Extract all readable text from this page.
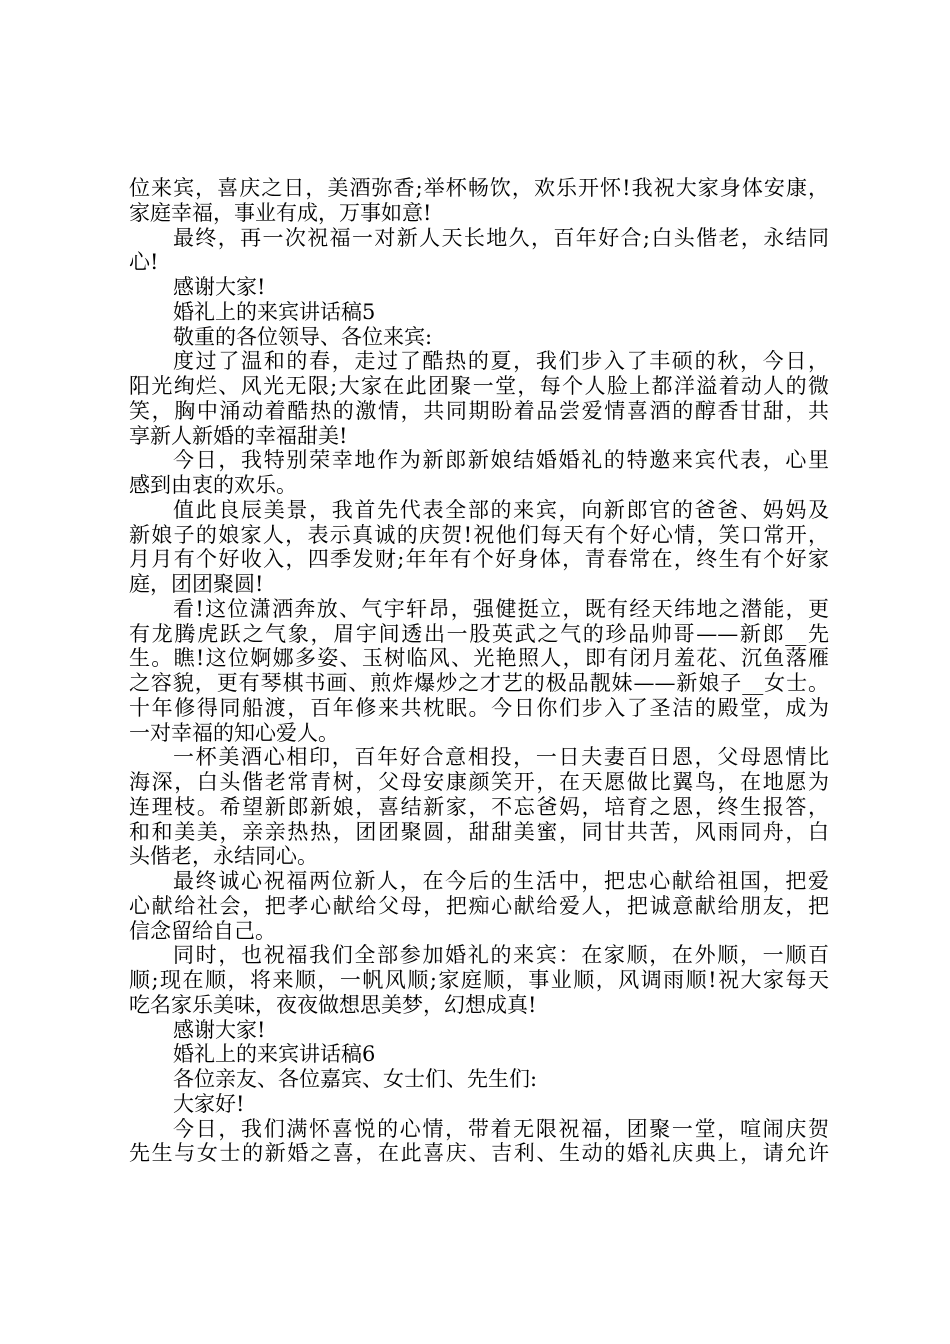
位来宾，喜庆之日，美酒弥香;举杯畅饮，欢乐开怀!我祝大家身体安康，
家庭幸福，事业有成，万事如意!
最终，再一次祝福一对新人天长地久，百年好合;白头偕老，永结同
心!
感谢大家!
婚礼上的来宾讲话稿5
敬重的各位领导、各位来宾:
度过了温和的春，走过了酷热的夏，我们步入了丰硕的秋，今日，
阳光绚烂、风光无限;大家在此团聚一堂，每个人脸上都洋溢着动人的微
笑，胸中涌动着酷热的激情，共同期盼着品尝爱情喜酒的醇香甘甜，共
享新人新婚的幸福甜美!
今日，我特别荣幸地作为新郎新娘结婚婚礼的特邀来宾代表，心里
感到由衷的欢乐。
值此良辰美景，我首先代表全部的来宾，向新郎官的爸爸、妈妈及
新娘子的娘家人，表示真诚的庆贺!祝他们每天有个好心情，笑口常开，
月月有个好收入，四季发财;年年有个好身体，青春常在，终生有个好家
庭，团团聚圆!
看!这位潇洒奔放、气宇轩昂，强健挺立，既有经天纬地之潜能，更
有龙腾虎跃之气象，眉宇间透出一股英武之气的珍品帅哥——新郎__先
生。瞧!这位婀娜多姿、玉树临风、光艳照人，即有闭月羞花、沉鱼落雁
之容貌，更有琴棋书画、煎炸爆炒之才艺的极品靓妹——新娘子__女士。
十年修得同船渡，百年修来共枕眠。今日你们步入了圣洁的殿堂，成为
一对幸福的知心爱人。
一杯美酒心相印，百年好合意相投，一日夫妻百日恩，父母恩情比
海深，白头偕老常青树，父母安康颜笑开，在天愿做比翼鸟，在地愿为
连理枝。希望新郎新娘，喜结新家，不忘爸妈，培育之恩，终生报答，
和和美美，亲亲热热，团团聚圆，甜甜美蜜，同甘共苦，风雨同舟，白
头偕老，永结同心。
最终诚心祝福两位新人，在今后的生活中，把忠心献给祖国，把爱
心献给社会，把孝心献给父母，把痴心献给爱人，把诚意献给朋友，把
信念留给自己。
同时，也祝福我们全部参加婚礼的来宾：在家顺，在外顺，一顺百
顺;现在顺，将来顺，一帆风顺;家庭顺，事业顺，风调雨顺!祝大家每天
吃名家乐美味，夜夜做想思美梦，幻想成真!
感谢大家!
婚礼上的来宾讲话稿6
各位亲友、各位嘉宾、女士们、先生们:
大家好!
今日，我们满怀喜悦的心情，带着无限祝福，团聚一堂，喧闹庆贺
先生与女士的新婚之喜，在此喜庆、吉利、生动的婚礼庆典上，请允许
